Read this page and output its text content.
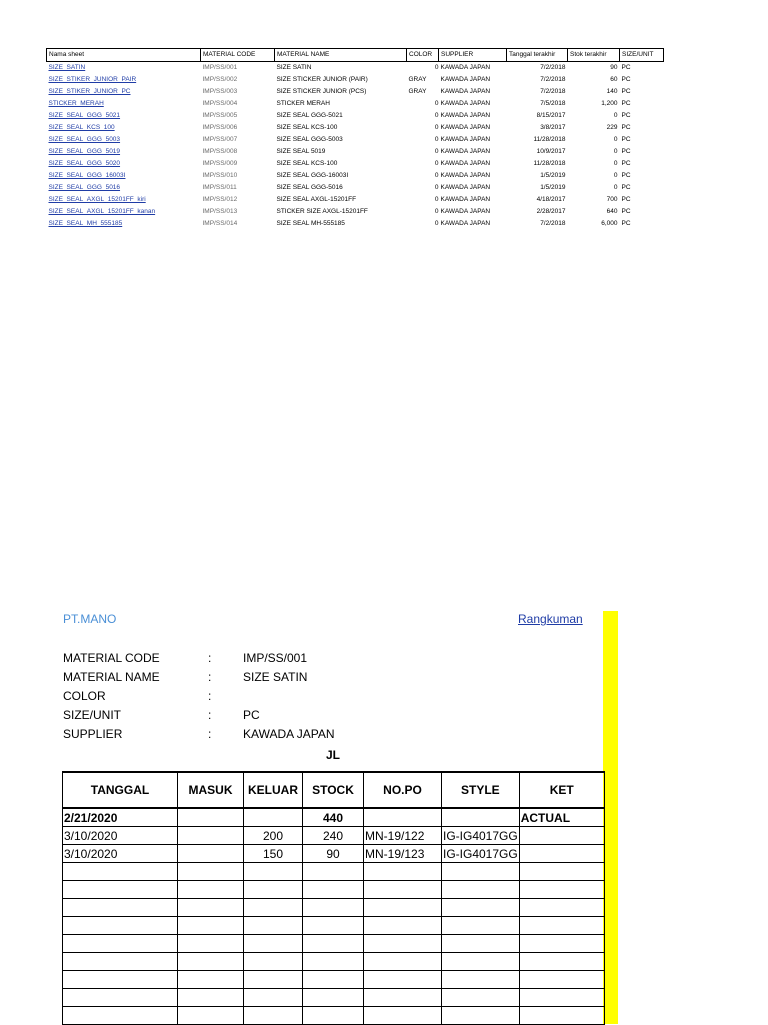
Nama sheet	MATERIAL CODE	MATERIAL NAME	COLOR	SUPPLIER	Tanggal terakhir	Stok terakhir	SIZE/UNIT
SIZE_SATIN	IMP/SS/001	SIZE SATIN		0 KAWADA JAPAN	7/2/2018	90	PC
SIZE_STIKER_JUNIOR_PAIR	IMP/SS/002	SIZE STICKER JUNIOR (PAIR)	GRAY	KAWADA JAPAN	7/2/2018	60	PC
SIZE_STIKER_JUNIOR_PC	IMP/SS/003	SIZE STICKER JUNIOR (PCS)	GRAY	KAWADA JAPAN	7/2/2018	140	PC
STICKER_MERAH	IMP/SS/004	STICKER MERAH		0 KAWADA JAPAN	7/5/2018	1,200	PC
SIZE_SEAL_GGG_5021	IMP/SS/005	SIZE SEAL GGG-5021		0 KAWADA JAPAN	8/15/2017	0	PC
SIZE_SEAL_KCS_100	IMP/SS/006	SIZE SEAL KCS-100		0 KAWADA JAPAN	3/8/2017	229	PC
SIZE_SEAL_GGG_5003	IMP/SS/007	SIZE SEAL GGG-5003		0 KAWADA JAPAN	11/28/2018	0	PC
SIZE_SEAL_GGG_5019	IMP/SS/008	SIZE SEAL 5019		0 KAWADA JAPAN	10/9/2017	0	PC
SIZE_SEAL_GGG_5020	IMP/SS/009	SIZE SEAL KCS-100		0 KAWADA JAPAN	11/28/2018	0	PC
SIZE_SEAL_GGG_16003I	IMP/SS/010	SIZE SEAL GGG-16003I		0 KAWADA JAPAN	1/5/2019	0	PC
SIZE_SEAL_GGG_5016	IMP/SS/011	SIZE SEAL GGG-5016		0 KAWADA JAPAN	1/5/2019	0	PC
SIZE_SEAL_AXGL_15201FF_kiri	IMP/SS/012	SIZE SEAL AXGL-15201FF		0 KAWADA JAPAN	4/18/2017	700	PC
SIZE_SEAL_AXGL_15201FF_kanan	IMP/SS/013	STICKER SIZE AXGL-15201FF		0 KAWADA JAPAN	2/28/2017	640	PC
SIZE_SEAL_MH_555185	IMP/SS/014	SIZE SEAL MH-555185		0 KAWADA JAPAN	7/2/2018	6,000	PC
PT.MANO	Rangkuman
MATERIAL CODE	:	IMP/SS/001
MATERIAL NAME	:	SIZE SATIN
COLOR	:
SIZE/UNIT	:	PC
SUPPLIER	:	KAWADA JAPAN
JL
TANGGAL	MASUK	KELUAR	STOCK	NO.PO	STYLE	KET
2/21/2020			440			ACTUAL
3/10/2020		200	240	MN-19/122	IG-IG4017GG	
3/10/2020		150	90	MN-19/123	IG-IG4017GG	
